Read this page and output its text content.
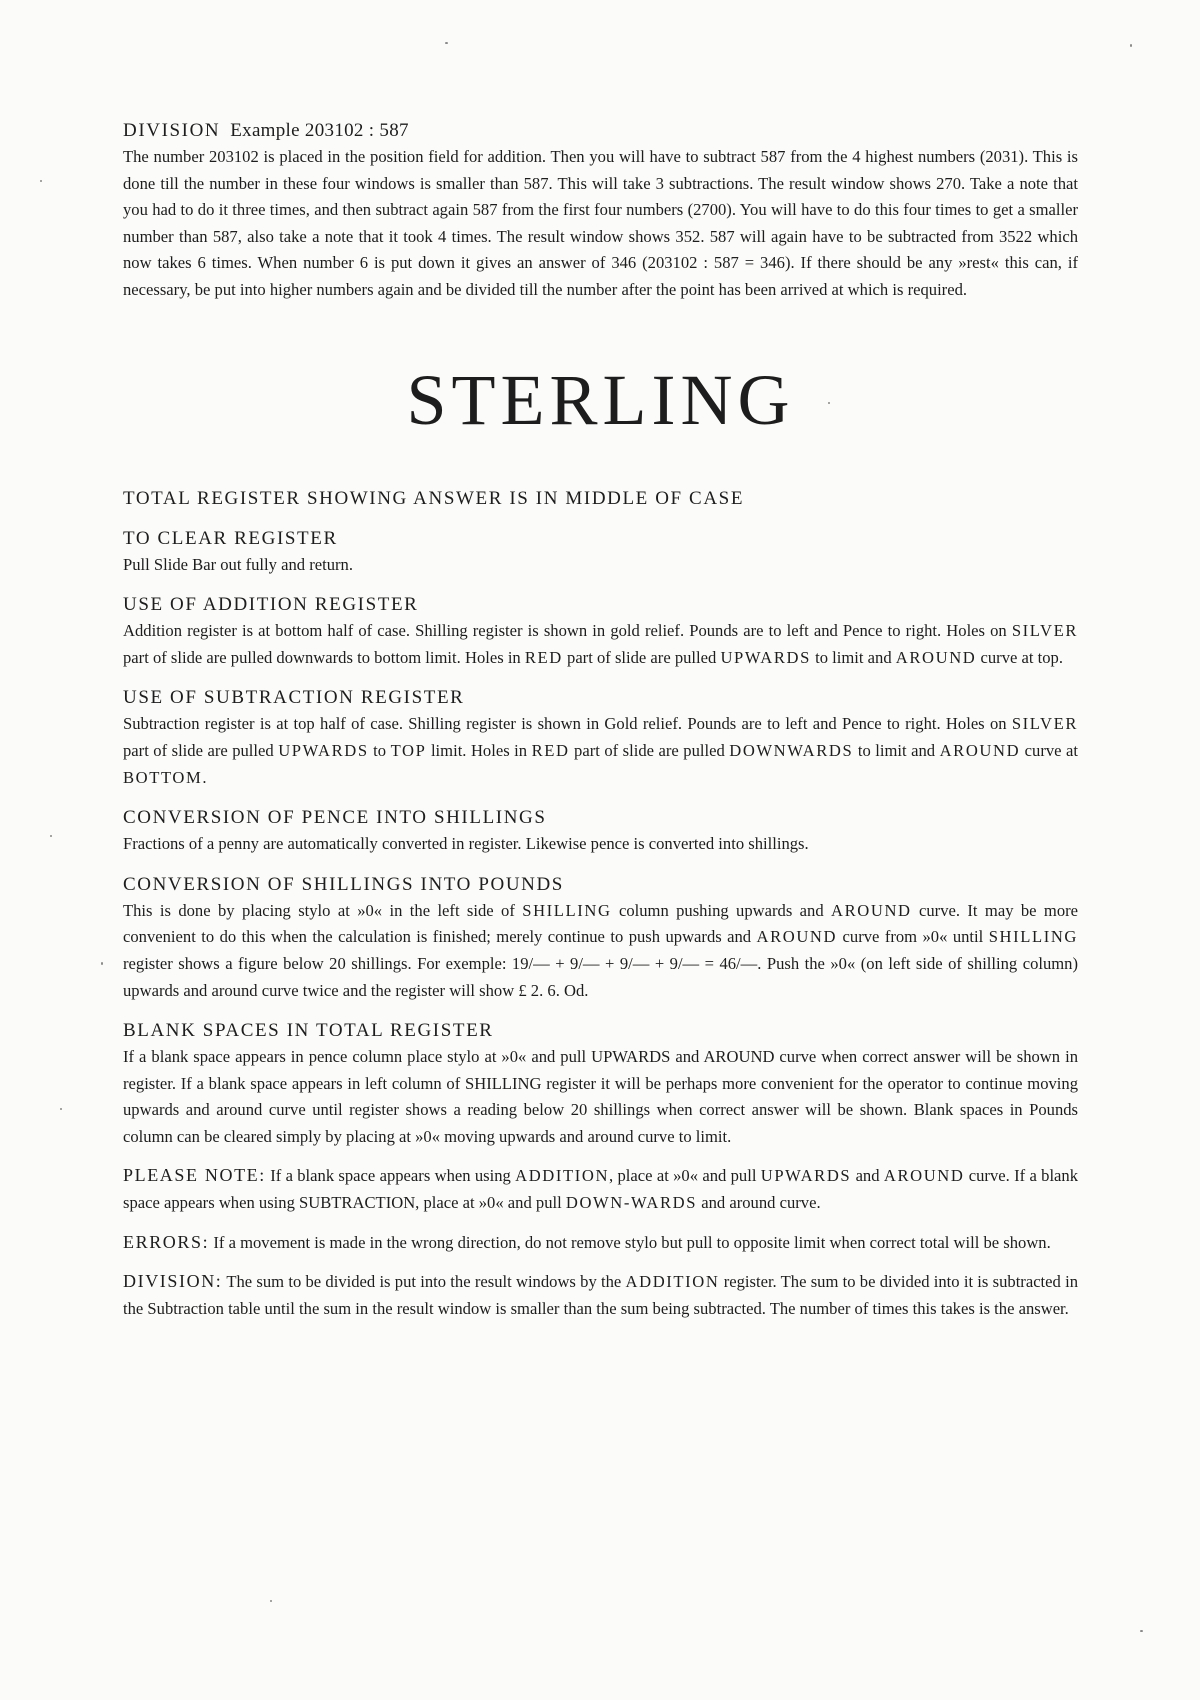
DIVISION Example 203102 : 587

The number 203102 is placed in the position field for addition. Then you will have to subtract 587 from the 4 highest numbers (2031). This is done till the number in these four windows is smaller than 587. This will take 3 subtractions. The result window shows 270. Take a note that you had to do it three times, and then subtract again 587 from the first four numbers (2700). You will have to do this four times to get a smaller number than 587, also take a note that it took 4 times. The result window shows 352. 587 will again have to be subtracted from 3522 which now takes 6 times. When number 6 is put down it gives an answer of 346 (203102 : 587 = 346). If there should be any »rest« this can, if necessary, be put into higher numbers again and be divided till the number after the point has been arrived at which is required.

STERLING

TOTAL REGISTER SHOWING ANSWER IS IN MIDDLE OF CASE

TO CLEAR REGISTER

Pull Slide Bar out fully and return.

USE OF ADDITION REGISTER

Addition register is at bottom half of case. Shilling register is shown in gold relief. Pounds are to left and Pence to right. Holes on SILVER part of slide are pulled downwards to bottom limit. Holes in RED part of slide are pulled UPWARDS to limit and AROUND curve at top.

USE OF SUBTRACTION REGISTER

Subtraction register is at top half of case. Shilling register is shown in Gold relief. Pounds are to left and Pence to right. Holes on SILVER part of slide are pulled UPWARDS to TOP limit. Holes in RED part of slide are pulled DOWNWARDS to limit and AROUND curve at BOTTOM.

CONVERSION OF PENCE INTO SHILLINGS

Fractions of a penny are automatically converted in register. Likewise pence is converted into shillings.

CONVERSION OF SHILLINGS INTO POUNDS

This is done by placing stylo at »0« in the left side of SHILLING column pushing upwards and AROUND curve. It may be more convenient to do this when the calculation is finished; merely continue to push upwards and AROUND curve from »0« until SHILLING register shows a figure below 20 shillings. For exemple: 19/— + 9/— + 9/— + 9/— = 46/—. Push the »0« (on left side of shilling column) upwards and around curve twice and the register will show £ 2. 6. Od.

BLANK SPACES IN TOTAL REGISTER

If a blank space appears in pence column place stylo at »0« and pull UPWARDS and AROUND curve when correct answer will be shown in register. If a blank space appears in left column of SHILLING register it will be perhaps more convenient for the operator to continue moving upwards and around curve until register shows a reading below 20 shillings when correct answer will be shown. Blank spaces in Pounds column can be cleared simply by placing at »0« moving upwards and around curve to limit.

PLEASE NOTE: If a blank space appears when using ADDITION, place at »0« and pull UPWARDS and AROUND curve. If a blank space appears when using SUBTRACTION, place at »0« and pull DOWN-WARDS and around curve.

ERRORS: If a movement is made in the wrong direction, do not remove stylo but pull to opposite limit when correct total will be shown.

DIVISION: The sum to be divided is put into the result windows by the ADDITION register. The sum to be divided into it is subtracted in the Subtraction table until the sum in the result window is smaller than the sum being subtracted. The number of times this takes is the answer.
